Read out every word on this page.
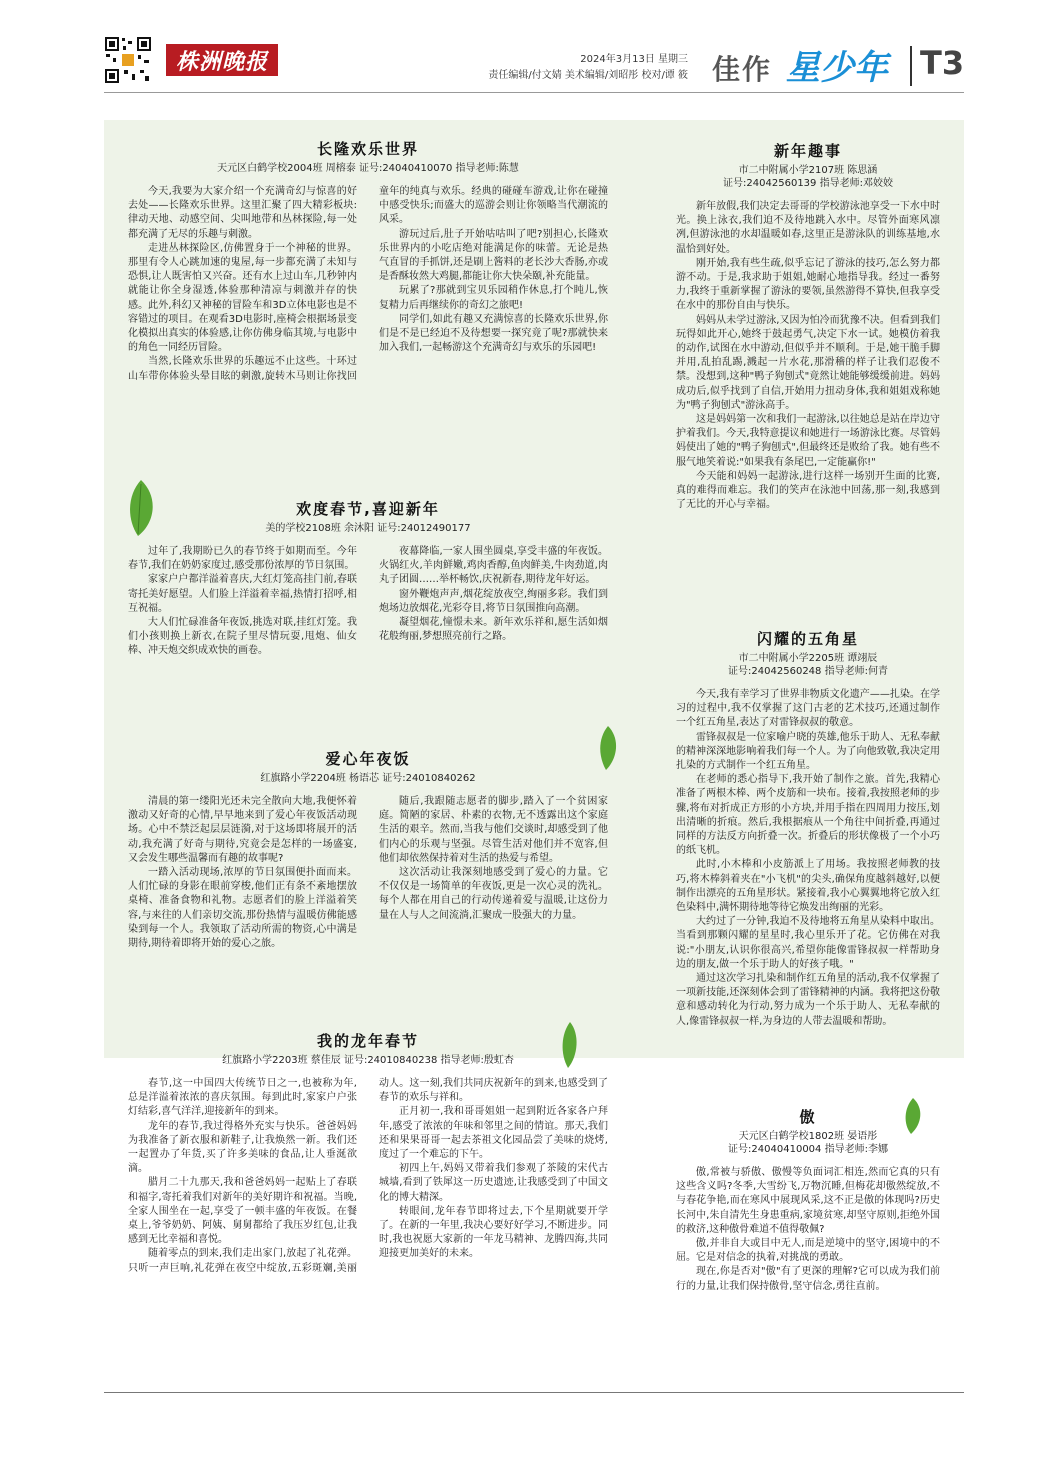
株洲晚报	2024年3月13日 星期三
责任编辑/付文婧 美术编辑/刘昭彤 校对/谭 筱 佳作 星少年 T3
长隆欢乐世界
天元区白鹤学校2004班 周榕泰 证号:24040410070 指导老师:陈慧

今天,我要为大家介绍一个充满奇幻与惊喜的好去处——长隆欢乐世界。这里汇聚了四大精彩板块:律动天地、动感空间、尖叫地带和丛林探险,每一处都充满了无尽的乐趣与刺激。

走进丛林探险区,仿佛置身于一个神秘的世界。那里有令人心跳加速的鬼屋,每一步都充满了未知与恐惧,让人既害怕又兴奋。还有水上过山车,几秒钟内就能让你全身湿透,体验那种清凉与刺激并存的快感。此外,科幻又神秘的冒险车和3D立体电影也是不容错过的项目。在观看3D电影时,座椅会根据场景变化模拟出真实的体验感,让你仿佛身临其境,与电影中的角色一同经历冒险。

当然,长隆欢乐世界的乐趣远不止这些。十环过山车带你体验头晕目眩的刺激,旋转木马则让你找回童年的纯真与欢乐。经典的碰碰车游戏,让你在碰撞中感受快乐;而盛大的巡游会则让你领略当代潮流的风采。

游玩过后,肚子开始咕咕叫了吧?别担心,长隆欢乐世界内的小吃店绝对能满足你的味蕾。无论是热气直冒的手抓饼,还是刷上酱料的老长沙大香肠,亦或是香酥妆然大鸡腿,都能让你大快朵颐,补充能量。

玩累了?那就到宝贝乐园稍作休息,打个盹儿,恢复精力后再继续你的奇幻之旅吧!

同学们,如此有趣又充满惊喜的长隆欢乐世界,你们是不是已经迫不及待想要一探究竟了呢?那就快来加入我们,一起畅游这个充满奇幻与欢乐的乐园吧!

欢度春节,喜迎新年
美的学校2108班 余沐阳 证号:24012490177

过年了,我期盼已久的春节终于如期而至。今年春节,我们在奶奶家度过,感受那份浓厚的节日氛围。

家家户户都洋溢着喜庆,大红灯笼高挂门前,春联寄托美好愿望。人们脸上洋溢着幸福,热情打招呼,相互祝福。

大人们忙碌准备年夜饭,挑选对联,挂红灯笼。我们小孩则换上新衣,在院子里尽情玩耍,甩炮、仙女棒、冲天炮交织成欢快的画卷。

夜幕降临,一家人围坐圆桌,享受丰盛的年夜饭。火锅红火,羊肉鲜嫩,鸡肉香醇,鱼肉鲜美,牛肉劲道,肉丸子团圆……举杯畅饮,庆祝新春,期待龙年好运。

窗外鞭炮声声,烟花绽放夜空,绚丽多彩。我们到炮场边放烟花,光彩夺目,将节日氛围推向高潮。

凝望烟花,憧憬未来。新年欢乐祥和,愿生活如烟花般绚丽,梦想照亮前行之路。

爱心年夜饭
红旗路小学2204班 杨语芯 证号:24010840262

清晨的第一缕阳光还未完全散向大地,我便怀着激动又好奇的心情,早早地来到了爱心年夜饭活动现场。心中不禁泛起层层涟漪,对于这场即将展开的活动,我充满了好奇与期待,究竟会是怎样的一场盛宴,又会发生哪些温馨而有趣的故事呢?

一踏入活动现场,浓厚的节日氛围便扑面而来。人们忙碌的身影在眼前穿梭,他们正有条不紊地摆放桌椅、准备食物和礼物。志愿者们的脸上洋溢着笑容,与来往的人们亲切交流,那份热情与温暖仿佛能感染到每一个人。我领取了活动所需的物资,心中满是期待,期待着即将开始的爱心之旅。

随后,我跟随志愿者的脚步,踏入了一个贫困家庭。简陋的家居、朴素的衣物,无不透露出这个家庭生活的艰辛。然而,当我与他们交谈时,却感受到了他们内心的乐观与坚强。尽管生活对他们并不宽容,但他们却依然保持着对生活的热爱与希望。

这次活动让我深刻地感受到了爱心的力量。它不仅仅是一场简单的年夜饭,更是一次心灵的洗礼。每个人都在用自己的行动传递着爱与温暖,让这份力量在人与人之间流淌,汇聚成一股强大的力量。

我的龙年春节
红旗路小学2203班 蔡佳辰 证号:24010840238 指导老师:殷虹杏

春节,这一中国四大传统节日之一,也被称为年,总是洋溢着浓浓的喜庆氛围。每到此时,家家户户张灯结彩,喜气洋洋,迎接新年的到来。

龙年的春节,我过得格外充实与快乐。爸爸妈妈为我准备了新衣服和新鞋子,让我焕然一新。我们还一起置办了年货,买了许多美味的食品,让人垂涎欲滴。

腊月二十九那天,我和爸爸妈妈一起贴上了春联和福字,寄托着我们对新年的美好期许和祝福。当晚,全家人围坐在一起,享受了一顿丰盛的年夜饭。在餐桌上,爷爷奶奶、阿姨、舅舅都给了我压岁红包,让我感到无比幸福和喜悦。

随着零点的到来,我们走出家门,放起了礼花弹。只听一声巨响,礼花弹在夜空中绽放,五彩斑斓,美丽动人。这一刻,我们共同庆祝新年的到来,也感受到了春节的欢乐与祥和。

正月初一,我和哥哥姐姐一起到附近各家各户拜年,感受了浓浓的年味和邻里之间的情谊。那天,我们还和果果哥哥一起去茶祖文化园品尝了美味的烧烤,度过了一个难忘的下午。

初四上午,妈妈又带着我们参观了茶陵的宋代古城墙,看到了铁犀这一历史遗迹,让我感受到了中国文化的博大精深。

转眼间,龙年春节即将过去,下个星期就要开学了。在新的一年里,我决心要好好学习,不断进步。同时,我也祝愿大家新的一年龙马精神、龙腾四海,共同迎接更加美好的未来。

新年趣事
市二中附属小学2107班 陈思涵
证号:24042560139 指导老师:邓姣姣

新年放假,我们决定去哥哥的学校游泳池享受一下水中时光。换上泳衣,我们迫不及待地跳入水中。尽管外面寒风凛冽,但游泳池的水却温暖如春,这里正是游泳队的训练基地,水温恰到好处。

刚开始,我有些生疏,似乎忘记了游泳的技巧,怎么努力都游不动。于是,我求助于姐姐,她耐心地指导我。经过一番努力,我终于重新掌握了游泳的要领,虽然游得不算快,但我享受在水中的那份自由与快乐。

妈妈从未学过游泳,又因为怕冷而犹豫不决。但看到我们玩得如此开心,她终于鼓起勇气,决定下水一试。她模仿着我的动作,试图在水中游动,但似乎并不顺利。于是,她干脆手脚并用,乱拍乱踢,溅起一片水花,那滑稽的样子让我们忍俊不禁。没想到,这种"鸭子狗刨式"竟然让她能够缓缓前进。妈妈成功后,似乎找到了自信,开始用力扭动身体,我和姐姐戏称她为"鸭子狗刨式"游泳高手。

这是妈妈第一次和我们一起游泳,以往她总是站在岸边守护着我们。今天,我特意提议和她进行一场游泳比赛。尽管妈妈使出了她的"鸭子狗刨式",但最终还是败给了我。她有些不服气地笑着说:"如果我有条尾巴,一定能赢你!"

今天能和妈妈一起游泳,进行这样一场别开生面的比赛,真的难得而难忘。我们的笑声在泳池中回荡,那一刻,我感到了无比的开心与幸福。

闪耀的五角星
市二中附属小学2205班 谭翊辰
证号:24042560248 指导老师:何青

今天,我有幸学习了世界非物质文化遗产——扎染。在学习的过程中,我不仅掌握了这门古老的艺术技巧,还通过制作一个红五角星,表达了对雷锋叔叔的敬意。

雷锋叔叔是一位家喻户晓的英雄,他乐于助人、无私奉献的精神深深地影响着我们每一个人。为了向他致敬,我决定用扎染的方式制作一个红五角星。

在老师的悉心指导下,我开始了制作之旅。首先,我精心准备了两根木棒、两个皮筋和一块布。接着,我按照老师的步骤,将布对折成正方形的小方块,并用手指在四周用力按压,划出清晰的折痕。然后,我根据痕从一个角往中间折叠,再通过同样的方法反方向折叠一次。折叠后的形状像极了一个小巧的纸飞机。

此时,小木棒和小皮筋派上了用场。我按照老师教的技巧,将木棒斜着夹在"小飞机"的尖头,确保角度越斜越好,以便制作出漂亮的五角星形状。紧接着,我小心翼翼地将它放入红色染料中,满怀期待地等待它焕发出绚丽的光彩。

大约过了一分钟,我迫不及待地将五角星从染料中取出。当看到那颗闪耀的星星时,我心里乐开了花。它仿佛在对我说:"小朋友,认识你很高兴,希望你能像雷锋叔叔一样帮助身边的朋友,做一个乐于助人的好孩子哦。"

通过这次学习扎染和制作红五角星的活动,我不仅掌握了一项新技能,还深刻体会到了雷锋精神的内涵。我将把这份敬意和感动转化为行动,努力成为一个乐于助人、无私奉献的人,像雷锋叔叔一样,为身边的人带去温暖和帮助。

傲
天元区白鹤学校1802班 晏语彤
证号:24040410004 指导老师:李娜

傲,常被与骄傲、傲慢等负面词汇相连,然而它真的只有这些含义吗?冬季,大雪纷飞,万物沉睡,但梅花却傲然绽放,不与春花争艳,而在寒风中展现风采,这不正是傲的体现吗?历史长河中,朱自清先生身患重病,家境贫寒,却坚守原则,拒绝外国的救济,这种傲骨难道不值得敬佩?

傲,并非自大或目中无人,而是逆境中的坚守,困境中的不屈。它是对信念的执着,对挑战的勇敢。

现在,你是否对"傲"有了更深的理解?它可以成为我们前行的力量,让我们保持傲骨,坚守信念,勇往直前。
